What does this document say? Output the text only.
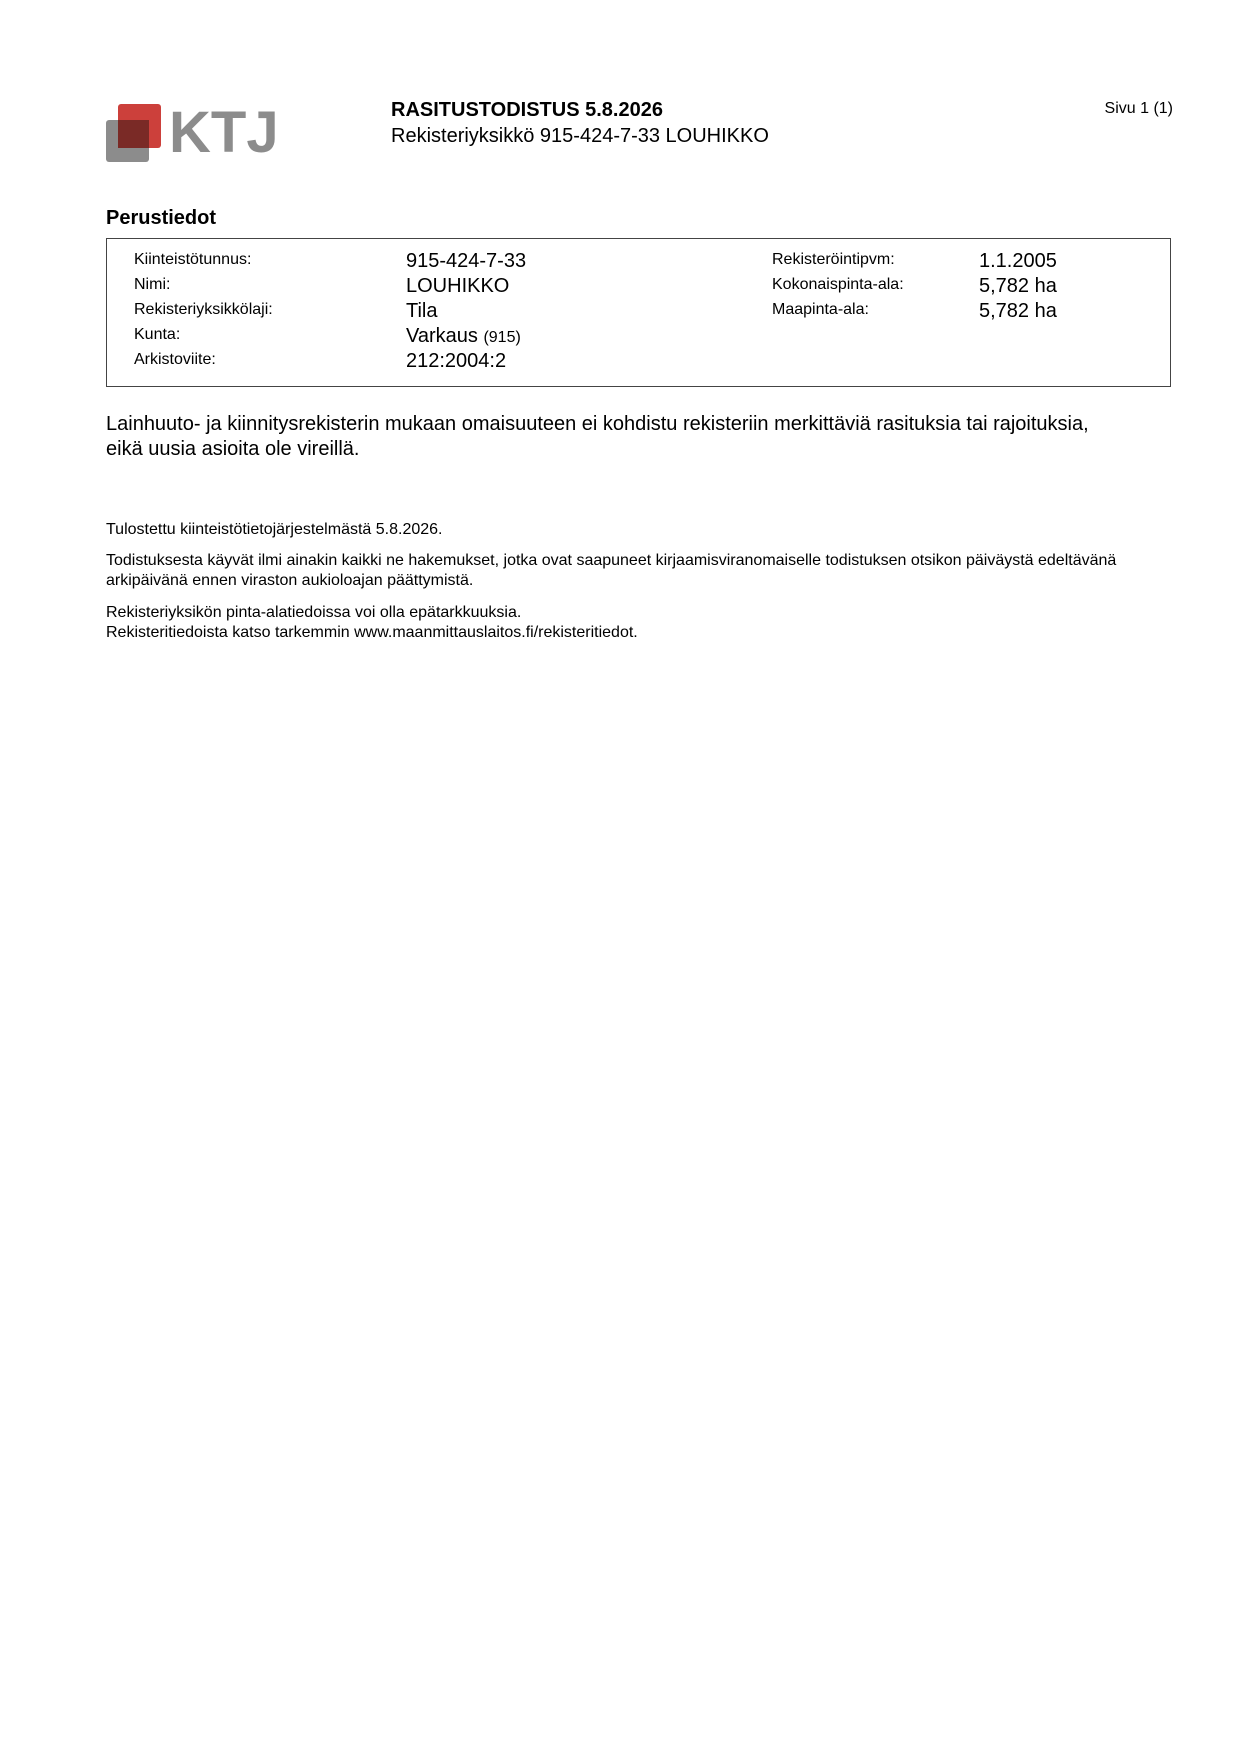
KTJ	RASITUSTODISTUS 5.8.2026
Rekisteriyksikkö 915-424-7-33 LOUHIKKO
Sivu 1 (1)
Perustiedot
Kiinteistötunnus:
Nimi:
Rekisteriyksikkölaji:
Kunta:
Arkistoviite:
915-424-7-33
LOUHIKKO
Tila
Varkaus (915)
212:2004:2
Rekisteröintipvm:
Kokonaispinta-ala:
Maapinta-ala:
1.1.2005
5,782 ha
5,782 ha
Lainhuuto- ja kiinnitysrekisterin mukaan omaisuuteen ei kohdistu rekisteriin merkittäviä rasituksia tai rajoituksia,
eikä uusia asioita ole vireillä.
Tulostettu kiinteistötietojärjestelmästä 5.8.2026.
Todistuksesta käyvät ilmi ainakin kaikki ne hakemukset, jotka ovat saapuneet kirjaamisviranomaiselle todistuksen otsikon päiväystä edeltävänä
arkipäivänä ennen viraston aukioloajan päättymistä.
Rekisteriyksikön pinta-alatiedoissa voi olla epätarkkuuksia.
Rekisteritiedoista katso tarkemmin www.maanmittauslaitos.fi/rekisteritiedot.
